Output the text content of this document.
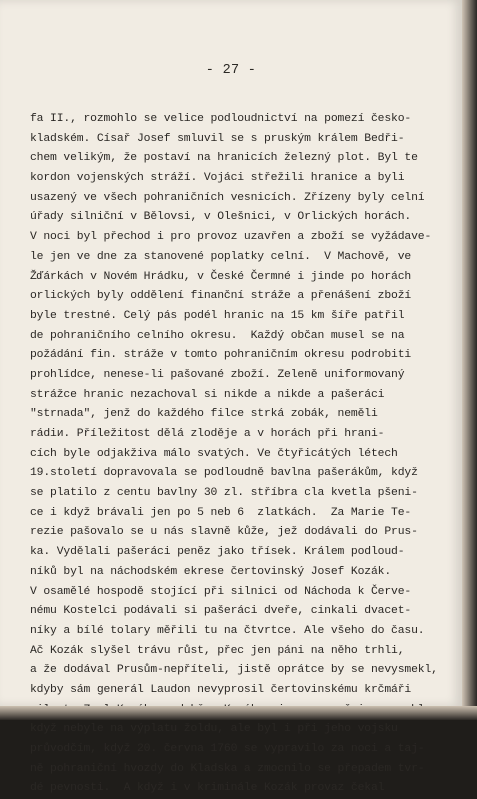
- 27 -
fa II., rozmohlo se velice podloudnictví na pomezí česko-
kladském. Císař Josef smluvil se s pruským králem Bedři-
chem velikým, že postaví na hranicích železný plot. Byl te
kordon vojenských stráží. Vojáci střežili hranice a byli
usazený ve všech pohraničních vesnicích. Zřízeny byly celní
úřady silniční v Bělovsi, v Olešnici, v Orlických horách.
V noci byl přechod i pro provoz uzavřen a zboží se vyžádavе-
le jen ve dne za stanovené poplatky celní.  V Machově, ve
Žďárkách v Novém Hrádku, v České Čermné i jinde po horách
orlických byly oddělení finanční stráže a přenášení zboží
byle trestné. Celý pás podél hranic na 15 km šíře patřil
de pohraničního celního okresu.  Každý občan musel se na
požádání fin. stráže v tomto pohraničním okresu podrobiti
prohlídce, nenese-li pašované zboží. Zeleně uniformovaný
strážce hranic nezachoval si nikde a nikde a pašeráci
"strnada", jenž do každého filce strká zobák, neměli
rádiи. Příležitost dělá zloděje a v horách při hrani-
cích byle odjakživa málo svatých. Ve čtyřicátých létech
19.století dopravovala se podloudně bavlna pašerákům, když
se platilo z centu bavlny 30 zl. stříbra cla kvetla pšeni-
ce i když brávali jen po 5 neb 6  zlatkách.  Za Marie Te-
rezie pašovalo se u nás slavně kůže, jež dodávali do Prus-
ka. Vydělali pašeráci peněz jako třísek. Králem podloud-
níků byl na náchodském ekrese čertovinský Josef Kozák.
V osamělé hospodě stojící při silnici od Náchoda k Červe-
nému Kostelci podávali si pašeráci dveře, cinkali dvacet-
níky a bílé tolary měřili tu na čtvrtce. Ale všeho do času.
Ač Kozák slyšel trávu růst, přec jen páni na něho trhli,
a že dodával Prusům-nepříteli, jistě oprátce by se nevysmekl,
kdyby sám generál Laudon nevyprosil čertovinskému krčmáři
když nebyle na výplatu žoldu, ale byl i při jeho vojsku
průvodčím, když 20. června 1760 se vypravilo za noci a taj-
ně pohraniční hvozdy do Kladska a zmocnilo se přepadem tvr-
dé pevnosti.  A když i v kriminále Kozák provaz čekal
